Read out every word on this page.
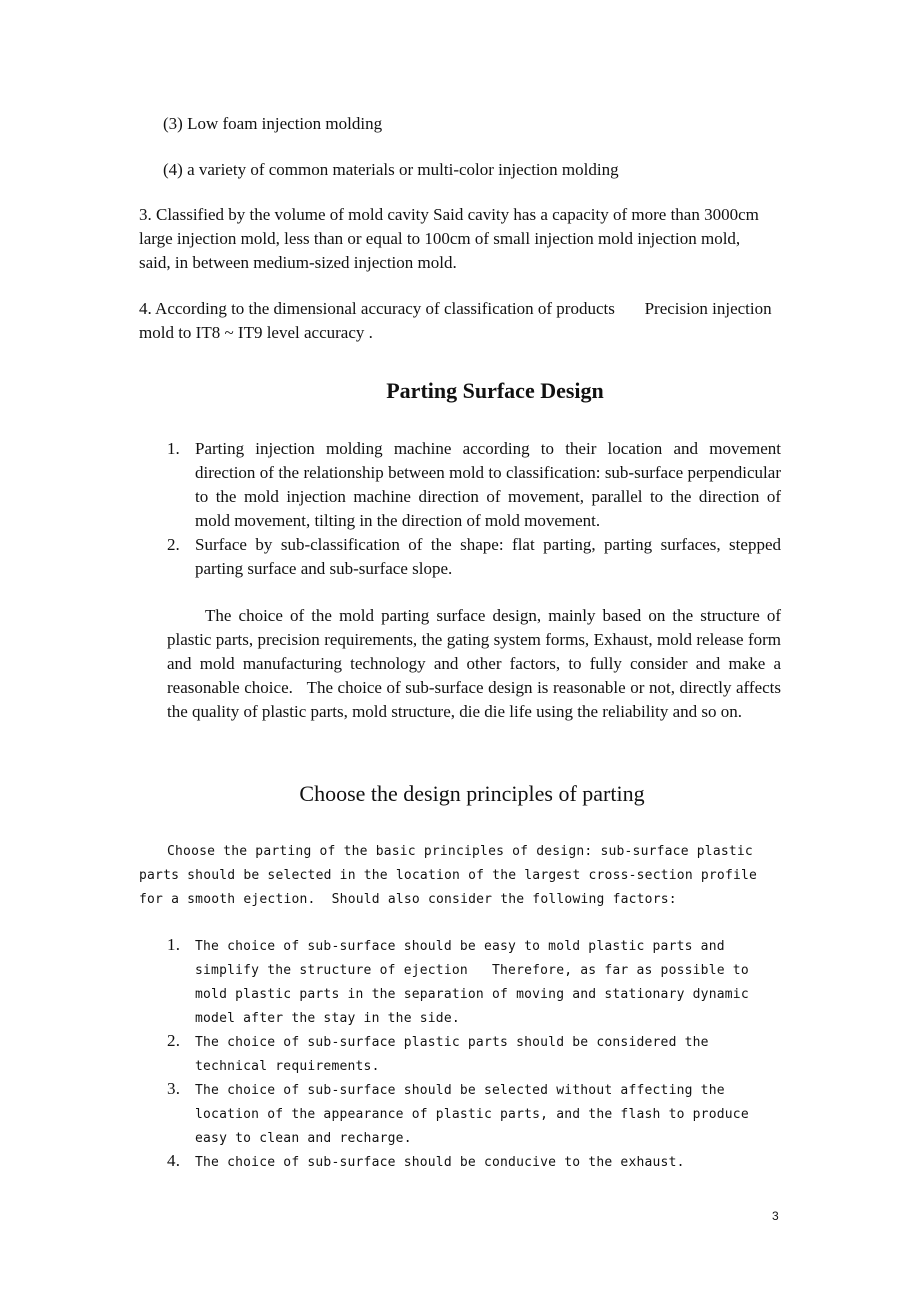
(3) Low foam injection molding

(4) a variety of common materials or multi-color injection molding

3. Classified by the volume of mold cavity Said cavity has a capacity of more than 3000cm large injection mold, less than or equal to 100cm of small injection mold injection mold, said, in between medium-sized injection mold.

4. According to the dimensional accuracy of classification of products       Precision injection mold to IT8 ~ IT9 level accuracy .

Parting Surface Design
1. Parting injection molding machine according to their location and movement direction of the relationship between mold to classification: sub-surface perpendicular to the mold injection machine direction of movement, parallel to the direction of mold movement, tilting in the direction of mold movement.
2. Surface by sub-classification of the shape: flat parting, parting surfaces, stepped parting surface and sub-surface slope.

The choice of the mold parting surface design, mainly based on the structure of plastic parts, precision requirements, the gating system forms, Exhaust, mold release form and mold manufacturing technology and other factors, to fully consider and make a reasonable choice.   The choice of sub-surface design is reasonable or not, directly affects the quality of plastic parts, mold structure, die die life using the reliability and so on.

Choose the design principles of parting

Choose the parting of the basic principles of design: sub-surface plastic parts should be selected in the location of the largest cross-section profile for a smooth ejection.  Should also consider the following factors:

1. The choice of sub-surface should be easy to mold plastic parts and simplify the structure of ejection   Therefore, as far as possible to mold plastic parts in the separation of moving and stationary dynamic model after the stay in the side.
2. The choice of sub-surface plastic parts should be considered the technical requirements.
3. The choice of sub-surface should be selected without affecting the location of the appearance of plastic parts, and the flash to produce easy to clean and recharge.
4. The choice of sub-surface should be conducive to the exhaust.
3
